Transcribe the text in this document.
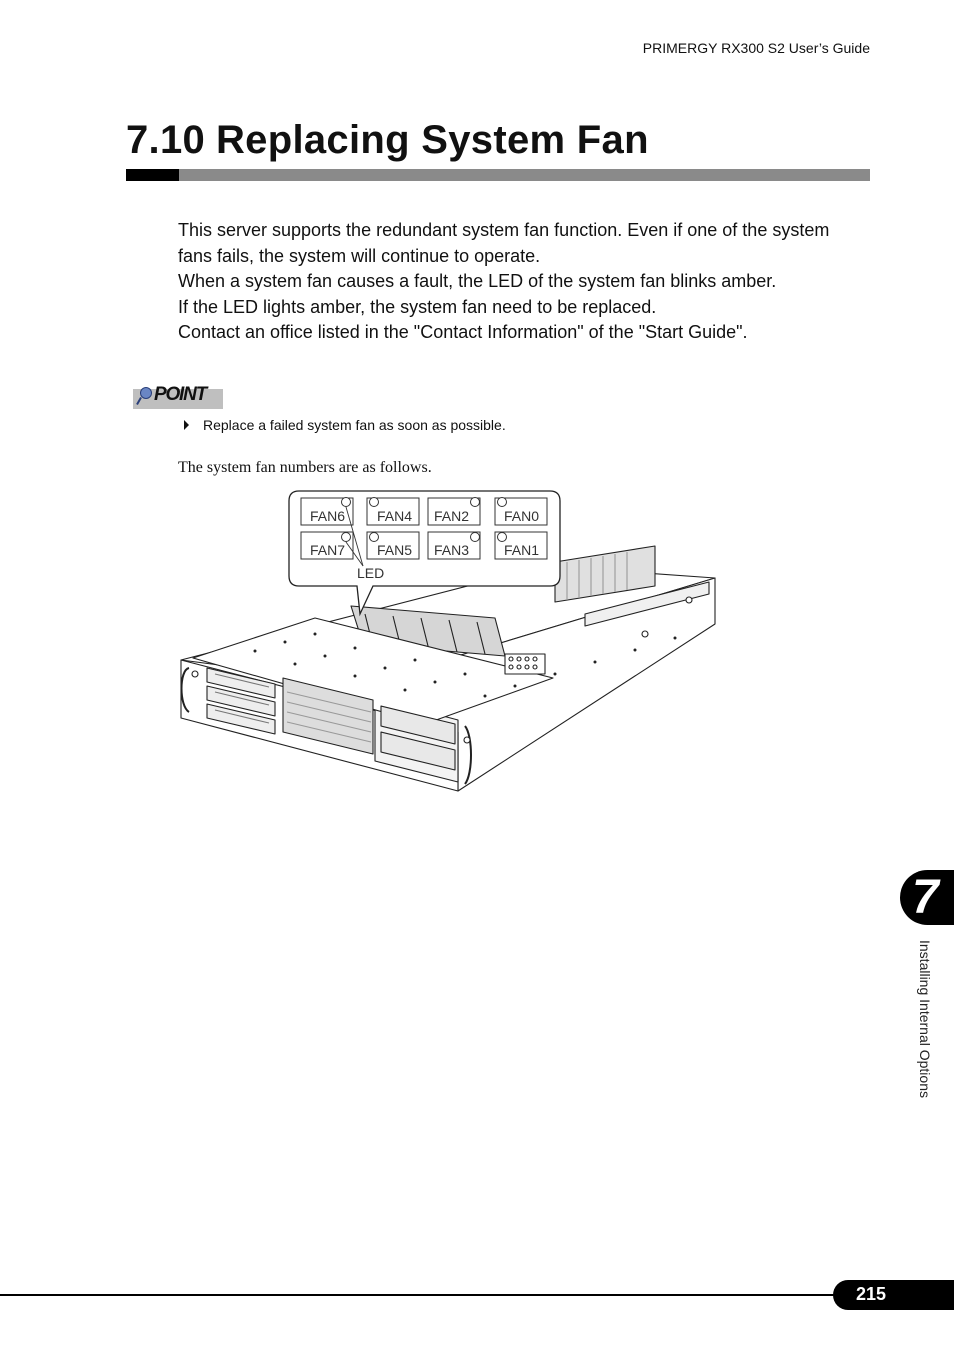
PRIMERGY RX300 S2 User’s Guide
7.10 Replacing System Fan

This server supports the redundant system fan function. Even if one of the system fans fails, the system will continue to operate.

When a system fan causes a fault, the LED of the system fan blinks amber.

If the LED lights amber, the system fan need to be replaced.

Contact an office listed in the "Contact Information" of the "Start Guide".

POINT
Replace a failed system fan as soon as possible.
The system fan numbers are as follows.
FAN6 FAN4 FAN2 FAN0
FAN7 FAN5 FAN3 FAN1
LED
7
Installing Internal Options
215
